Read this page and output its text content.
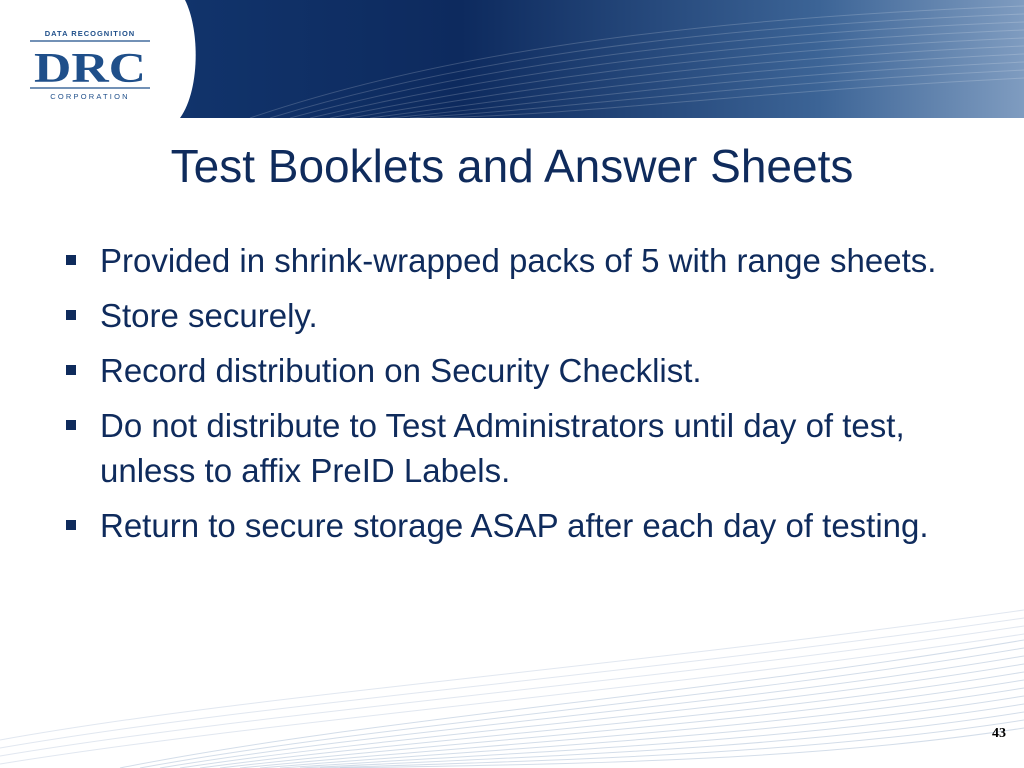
DATA RECOGNITION
DRC
CORPORATION
Test Booklets and Answer Sheets
Provided in shrink-wrapped packs of 5 with range sheets.
Store securely.
Record distribution on Security Checklist.
Do not distribute to Test Administrators until day of test, unless to affix PreID Labels.
Return to secure storage ASAP after each day of testing.
43
